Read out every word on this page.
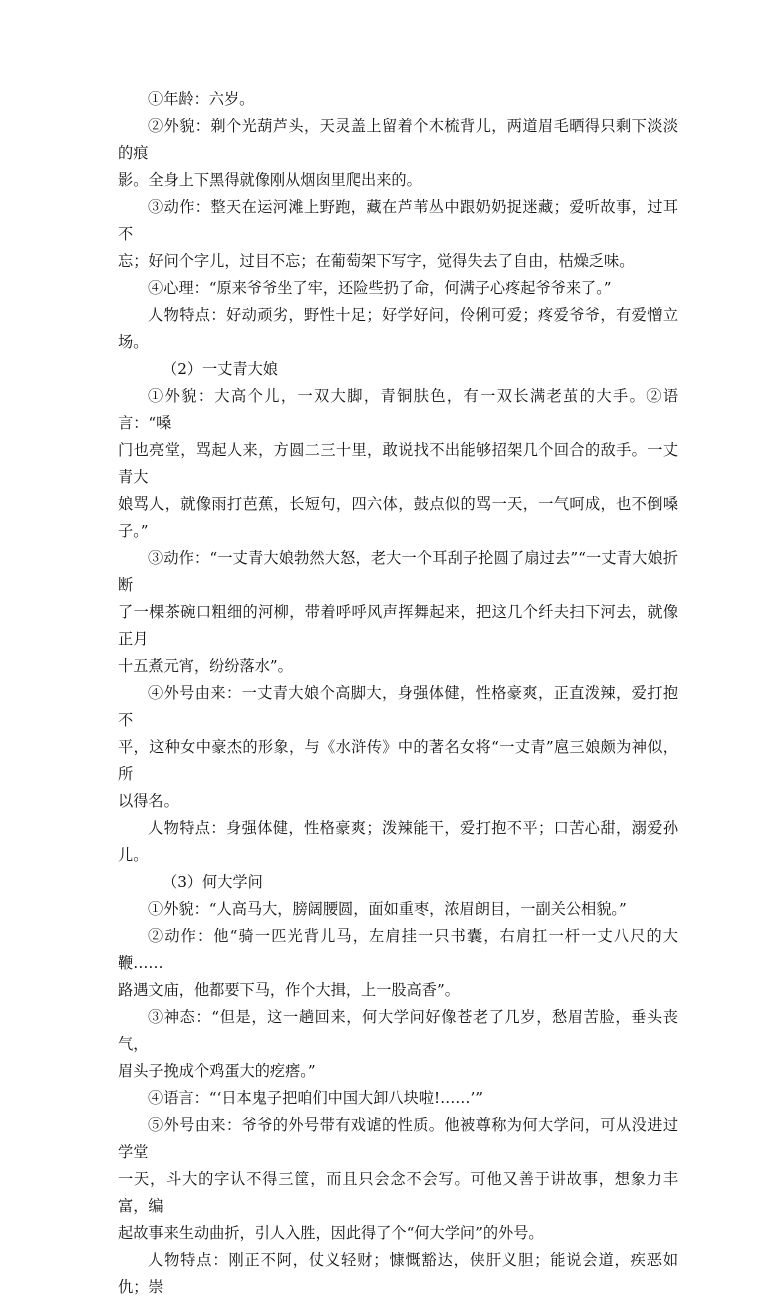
①年龄：六岁。

②外貌：剃个光葫芦头，天灵盖上留着个木梳背儿，两道眉毛晒得只剩下淡淡的痕
影。全身上下黑得就像刚从烟囱里爬出来的。

③动作：整天在运河滩上野跑，藏在芦苇丛中跟奶奶捉迷藏；爱听故事，过耳不
忘；好问个字儿，过目不忘；在葡萄架下写字，觉得失去了自由，枯燥乏味。

④心理：“原来爷爷坐了牢，还险些扔了命，何满子心疼起爷爷来了。”

人物特点：好动顽劣，野性十足；好学好问，伶俐可爱；疼爱爷爷，有爱憎立场。

（2）一丈青大娘

①外貌：大高个儿，一双大脚，青铜肤色，有一双长满老茧的大手。②语言：“嗓
门也亮堂，骂起人来，方圆二三十里，敢说找不出能够招架几个回合的敌手。一丈青大
娘骂人，就像雨打芭蕉，长短句，四六体，鼓点似的骂一天，一气呵成，也不倒嗓子。”

③动作：“一丈青大娘勃然大怒，老大一个耳刮子抡圆了扇过去”“一丈青大娘折断
了一棵茶碗口粗细的河柳，带着呼呼风声挥舞起来，把这几个纤夫扫下河去，就像正月
十五煮元宵，纷纷落水”。

④外号由来：一丈青大娘个高脚大，身强体健，性格豪爽，正直泼辣，爱打抱不
平，这种女中豪杰的形象，与《水浒传》中的著名女将“一丈青”扈三娘颇为神似，所
以得名。

人物特点：身强体健，性格豪爽；泼辣能干，爱打抱不平；口苦心甜，溺爱孙儿。

（3）何大学问

①外貌：“人高马大，膀阔腰圆，面如重枣，浓眉朗目，一副关公相貌。”

②动作：他“骑一匹光背儿马，左肩挂一只书囊，右肩扛一杆一丈八尺的大鞭……
路遇文庙，他都要下马，作个大揖，上一股高香”。

③神态：“但是，这一趟回来，何大学问好像苍老了几岁，愁眉苦脸，垂头丧气，
眉头子挽成个鸡蛋大的疙瘩。”

④语言：“‘日本鬼子把咱们中国大卸八块啦!……’”

⑤外号由来：爷爷的外号带有戏谑的性质。他被尊称为何大学问，可从没进过学堂
一天，斗大的字认不得三筐，而且只会念不会写。可他又善于讲故事，想象力丰富，编
起故事来生动曲折，引人入胜，因此得了个“何大学问”的外号。

人物特点：刚正不阿，仗义轻财；慷慨豁达，侠肝义胆；能说会道，疾恶如仇；崇
